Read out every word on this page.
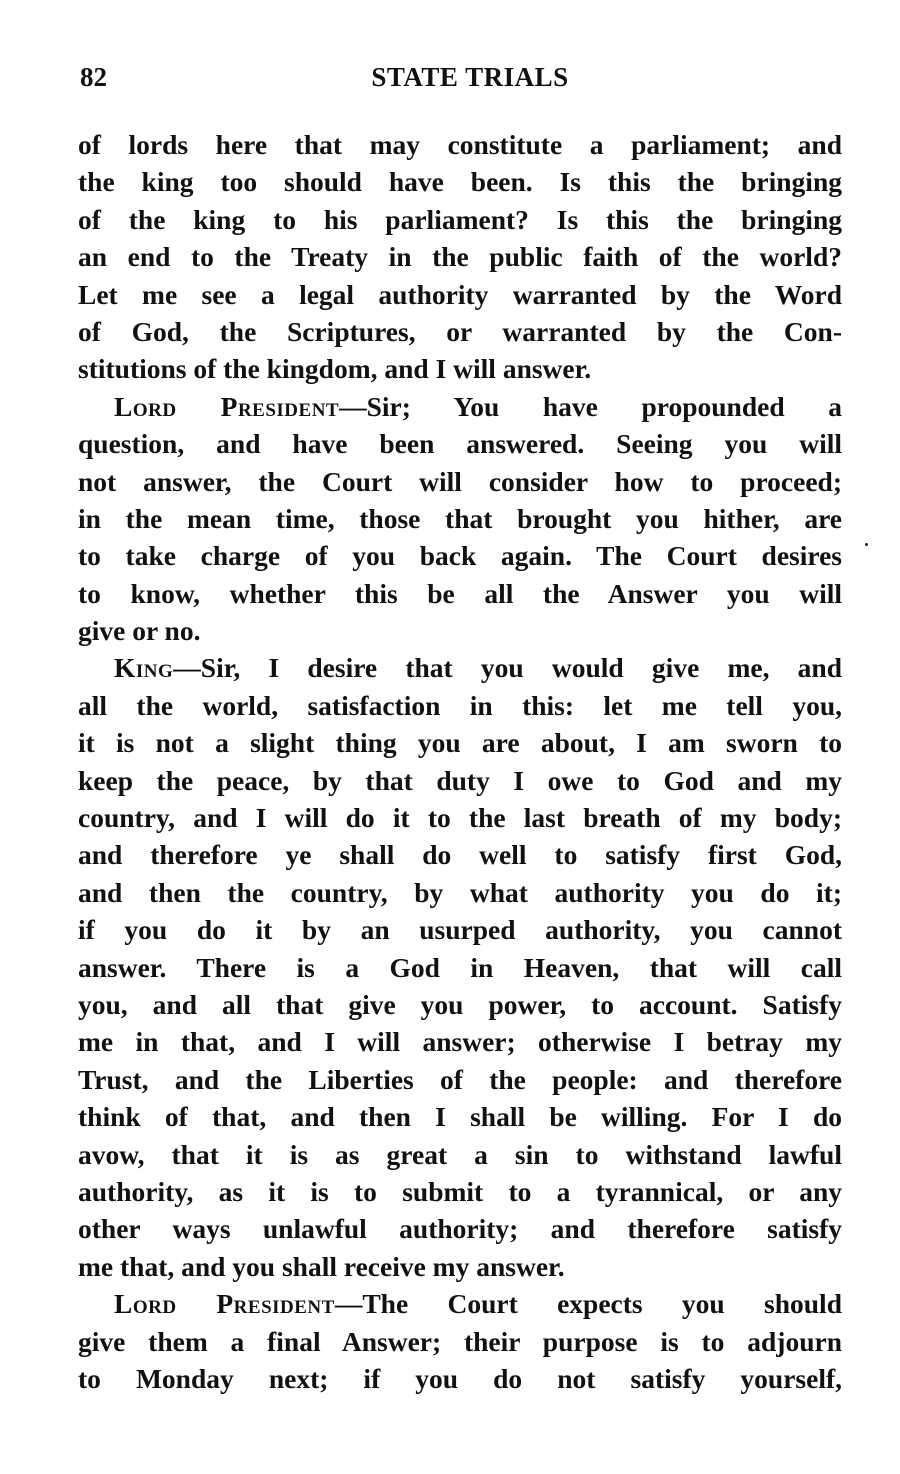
82	STATE TRIALS
of lords here that may constitute a parliament; and
the king too should have been. Is this the bringing
of the king to his parliament? Is this the bringing
an end to the Treaty in the public faith of the world?
Let me see a legal authority warranted by the Word
of God, the Scriptures, or warranted by the Con-
stitutions of the kingdom, and I will answer.
Lord President—Sir; You have propounded a
question, and have been answered. Seeing you will
not answer, the Court will consider how to proceed;
in the mean time, those that brought you hither, are
to take charge of you back again. The Court desires
to know, whether this be all the Answer you will
give or no.
King—Sir, I desire that you would give me, and
all the world, satisfaction in this: let me tell you,
it is not a slight thing you are about, I am sworn to
keep the peace, by that duty I owe to God and my
country, and I will do it to the last breath of my body;
and therefore ye shall do well to satisfy first God,
and then the country, by what authority you do it;
if you do it by an usurped authority, you cannot
answer. There is a God in Heaven, that will call
you, and all that give you power, to account. Satisfy
me in that, and I will answer; otherwise I betray my
Trust, and the Liberties of the people: and therefore
think of that, and then I shall be willing. For I do
avow, that it is as great a sin to withstand lawful
authority, as it is to submit to a tyrannical, or any
other ways unlawful authority; and therefore satisfy
me that, and you shall receive my answer.
Lord President—The Court expects you should
give them a final Answer; their purpose is to adjourn
to Monday next; if you do not satisfy yourself,
